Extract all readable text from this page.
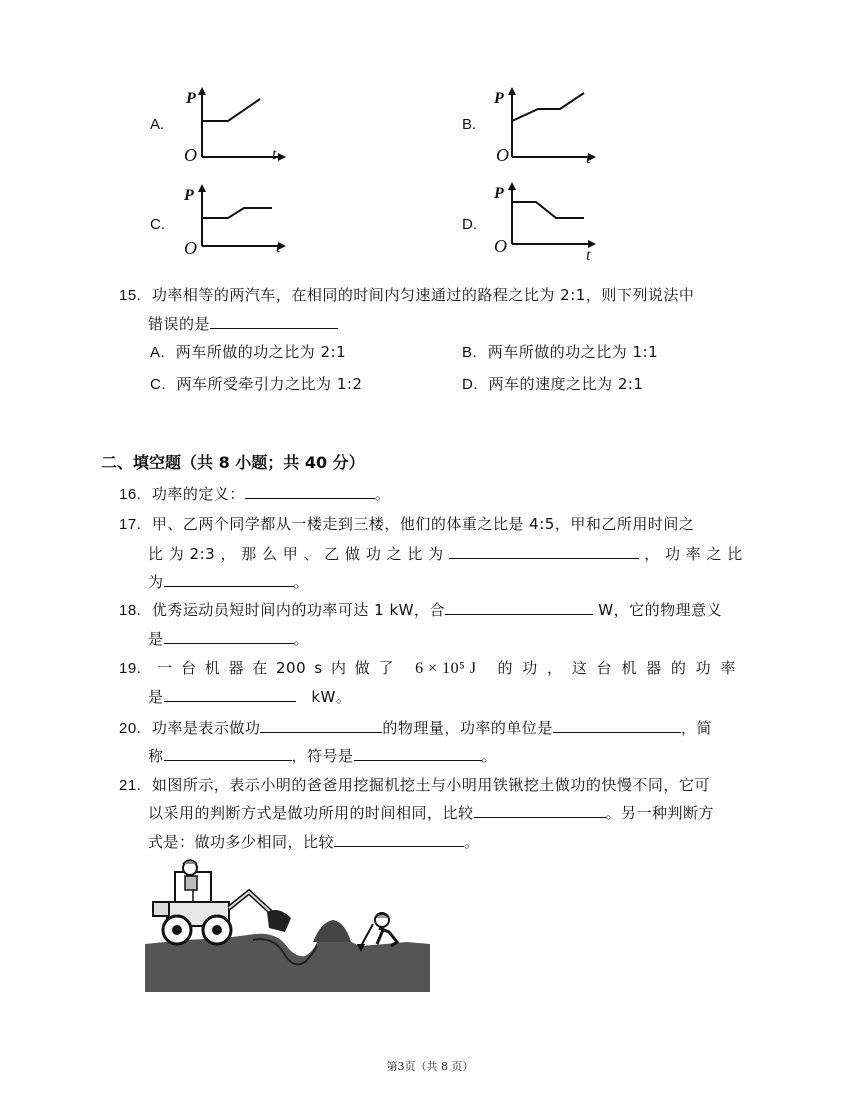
A.
P
O	t
B.
P
O	t
C.
P
O	t
D.
P
O	t
15. 功率相等的两汽车，在相同的时间内匀速通过的路程之比为 2:1，则下列说法中
错误的是
A. 两车所做的功之比为 2:1	B. 两车所做的功之比为 1:1
C. 两车所受牵引力之比为 1:2	D. 两车的速度之比为 2:1
二、填空题（共 8 小题；共 40 分）
16. 功率的定义：	。
17. 甲、乙两个同学都从一楼走到三楼，他们的体重之比是 4:5，甲和乙所用时间之
比 为 2:3 ， 那 么 甲 、 乙 做 功 之 比 为	， 功 率 之 比
为	。
18. 优秀运动员短时间内的功率可达 1 kW，合	W，它的物理意义
是	。
19. 一 台 机 器 在 200 s 内 做 了 6 × 10⁵ J 的 功 ， 这 台 机 器 的 功 率
是	kW。
20. 功率是表示做功	的物理量，功率的单位是	，简
称	，符号是	。
21. 如图所示，表示小明的爸爸用挖掘机挖土与小明用铁锹挖土做功的快慢不同，它可
以采用的判断方式是做功所用的时间相同，比较	。另一种判断方
式是：做功多少相同，比较	。
第3页（共 8 页）
